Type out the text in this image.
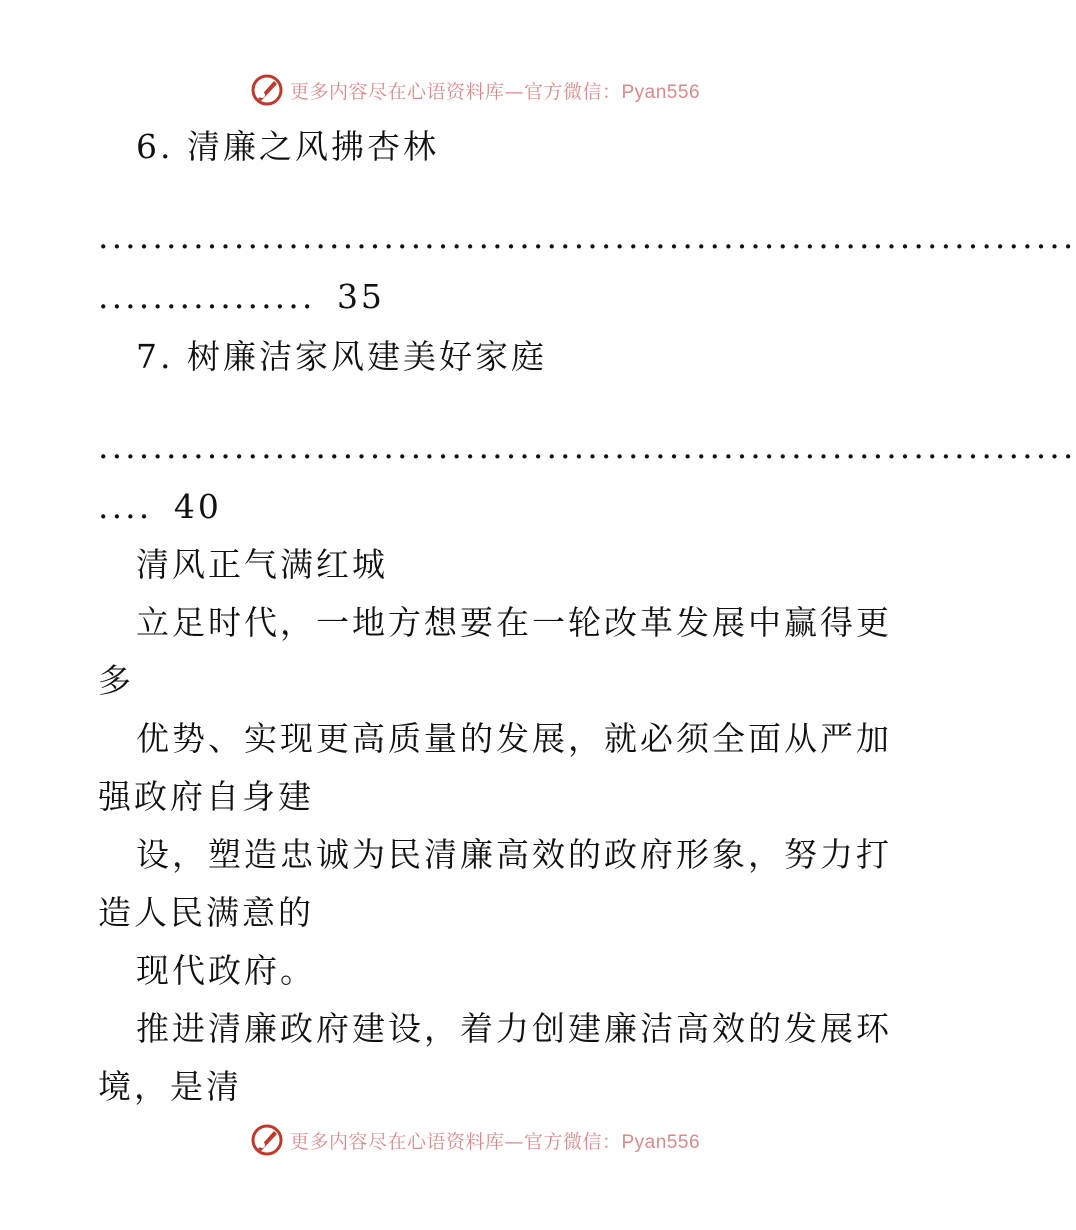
更多内容尽在心语资料库—官方微信：Pyan556
6. 清廉之风拂杏林
........................................................................
................ 35
7. 树廉洁家风建美好家庭
........................................................................
.... 40
清风正气满红城
立足时代，一地方想要在一轮改革发展中赢得更
多
优势、实现更高质量的发展，就必须全面从严加
强政府自身建
设，塑造忠诚为民清廉高效的政府形象，努力打
造人民满意的
现代政府。
推进清廉政府建设，着力创建廉洁高效的发展环
境，是清
更多内容尽在心语资料库—官方微信：Pyan556
